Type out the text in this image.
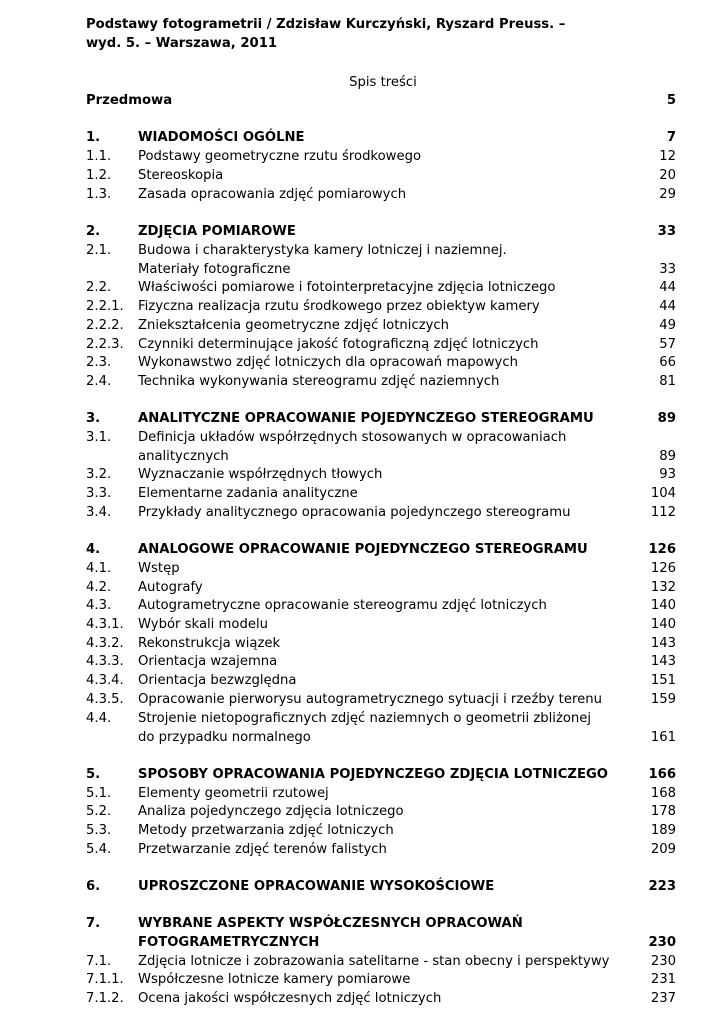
Podstawy fotogrametrii / Zdzisław Kurczyński, Ryszard Preuss. –
wyd. 5. – Warszawa, 2011
Spis treści
Przedmowa	5
1.	WIADOMOŚCI OGÓLNE	7
1.1. Podstawy geometryczne rzutu środkowego	12
1.2. Stereoskopia	20
1.3. Zasada opracowania zdjęć pomiarowych	29
2.	ZDJĘCIA POMIAROWE	33
2.1. Budowa i charakterystyka kamery lotniczej i naziemnej.
Materiały fotograficzne	33
2.2. Właściwości pomiarowe i fotointerpretacyjne zdjęcia lotniczego	44
2.2.1. Fizyczna realizacja rzutu środkowego przez obiektyw kamery	44
2.2.2. Zniekształcenia geometryczne zdjęć lotniczych	49
2.2.3. Czynniki determinujące jakość fotograficzną zdjęć lotniczych	57
2.3. Wykonawstwo zdjęć lotniczych dla opracowań mapowych	66
2.4. Technika wykonywania stereogramu zdjęć naziemnych	81
3.	ANALITYCZNE OPRACOWANIE POJEDYNCZEGO STEREOGRAMU	89
3.1. Definicja układów współrzędnych stosowanych w opracowaniach
analitycznych	89
3.2. Wyznaczanie współrzędnych tłowych	93
3.3. Elementarne zadania analityczne	104
3.4. Przykłady analitycznego opracowania pojedynczego stereogramu	112
4.	ANALOGOWE OPRACOWANIE POJEDYNCZEGO STEREOGRAMU	126
4.1. Wstęp	126
4.2. Autografy	132
4.3. Autogrametryczne opracowanie stereogramu zdjęć lotniczych	140
4.3.1. Wybór skali modelu	140
4.3.2. Rekonstrukcja wiązek	143
4.3.3. Orientacja wzajemna	143
4.3.4. Orientacja bezwzględna	151
4.3.5. Opracowanie pierworysu autogrametrycznego sytuacji i rzeźby terenu	159
4.4. Strojenie nietopograficznych zdjęć naziemnych o geometrii zbliżonej
do przypadku normalnego	161
5.	SPOSOBY OPRACOWANIA POJEDYNCZEGO ZDJĘCIA LOTNICZEGO	166
5.1. Elementy geometrii rzutowej	168
5.2. Analiza pojedynczego zdjęcia lotniczego	178
5.3. Metody przetwarzania zdjęć lotniczych	189
5.4. Przetwarzanie zdjęć terenów falistych	209
6.	UPROSZCZONE OPRACOWANIE WYSOKOŚCIOWE	223
7.	WYBRANE ASPEKTY WSPÓŁCZESNYCH OPRACOWAŃ
FOTOGRAMETRYCZNYCH	230
7.1. Zdjęcia lotnicze i zobrazowania satelitarne - stan obecny i perspektywy	230
7.1.1. Współczesne lotnicze kamery pomiarowe	231
7.1.2. Ocena jakości współczesnych zdjęć lotniczych	237
